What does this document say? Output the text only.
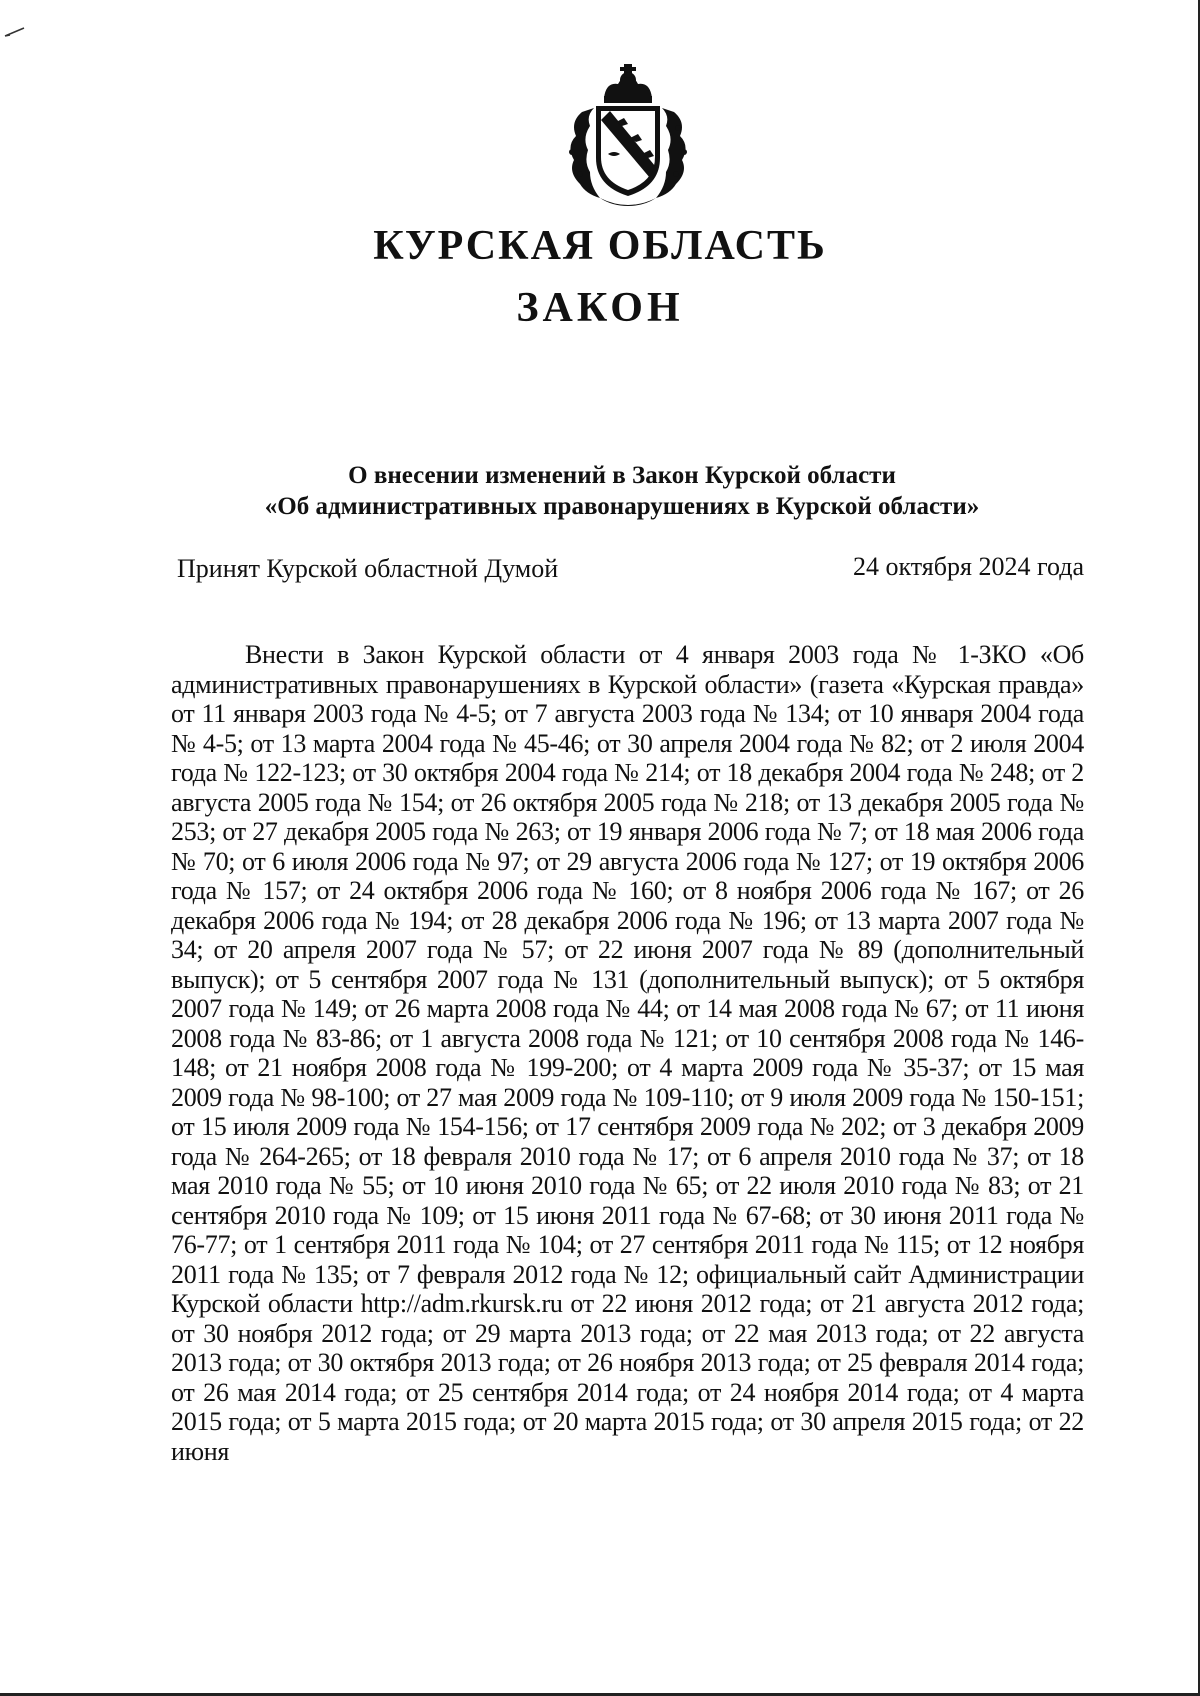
КУРСКАЯ ОБЛАСТЬ
ЗАКОН
О внесении изменений в Закон Курской области
«Об административных правонарушениях в Курской области»
Принят Курской областной Думой	24 октября 2024 года

Внести в Закон Курской области от 4 января 2003 года № 1-ЗКО «Об административных правонарушениях в Курской области» (газета «Курская правда» от 11 января 2003 года № 4-5; от 7 августа 2003 года № 134; от 10 января 2004 года № 4-5; от 13 марта 2004 года № 45-46; от 30 апреля 2004 года № 82; от 2 июля 2004 года № 122-123; от 30 октября 2004 года № 214; от 18 декабря 2004 года № 248; от 2 августа 2005 года № 154; от 26 октября 2005 года № 218; от 13 декабря 2005 года № 253; от 27 декабря 2005 года № 263; от 19 января 2006 года № 7; от 18 мая 2006 года № 70; от 6 июля 2006 года № 97; от 29 августа 2006 года № 127; от 19 октября 2006 года № 157; от 24 октября 2006 года № 160; от 8 ноября 2006 года № 167; от 26 декабря 2006 года № 194; от 28 декабря 2006 года № 196; от 13 марта 2007 года № 34; от 20 апреля 2007 года № 57; от 22 июня 2007 года № 89 (дополнительный выпуск); от 5 сентября 2007 года № 131 (дополнительный выпуск); от 5 октября 2007 года № 149; от 26 марта 2008 года № 44; от 14 мая 2008 года № 67; от 11 июня 2008 года № 83-86; от 1 августа 2008 года № 121; от 10 сентября 2008 года № 146-148; от 21 ноября 2008 года № 199-200; от 4 марта 2009 года № 35-37; от 15 мая 2009 года № 98-100; от 27 мая 2009 года № 109-110; от 9 июля 2009 года № 150-151; от 15 июля 2009 года № 154-156; от 17 сентября 2009 года № 202; от 3 декабря 2009 года № 264-265; от 18 февраля 2010 года № 17; от 6 апреля 2010 года № 37; от 18 мая 2010 года № 55; от 10 июня 2010 года № 65; от 22 июля 2010 года № 83; от 21 сентября 2010 года № 109; от 15 июня 2011 года № 67-68; от 30 июня 2011 года № 76-77; от 1 сентября 2011 года № 104; от 27 сентября 2011 года № 115; от 12 ноября 2011 года № 135; от 7 февраля 2012 года № 12; официальный сайт Администрации Курской области http://adm.rkursk.ru от 22 июня 2012 года; от 21 августа 2012 года; от 30 ноября 2012 года; от 29 марта 2013 года; от 22 мая 2013 года; от 22 августа 2013 года; от 30 октября 2013 года; от 26 ноября 2013 года; от 25 февраля 2014 года; от 26 мая 2014 года; от 25 сентября 2014 года; от 24 ноября 2014 года; от 4 марта 2015 года; от 5 марта 2015 года; от 20 марта 2015 года; от 30 апреля 2015 года; от 22 июня
